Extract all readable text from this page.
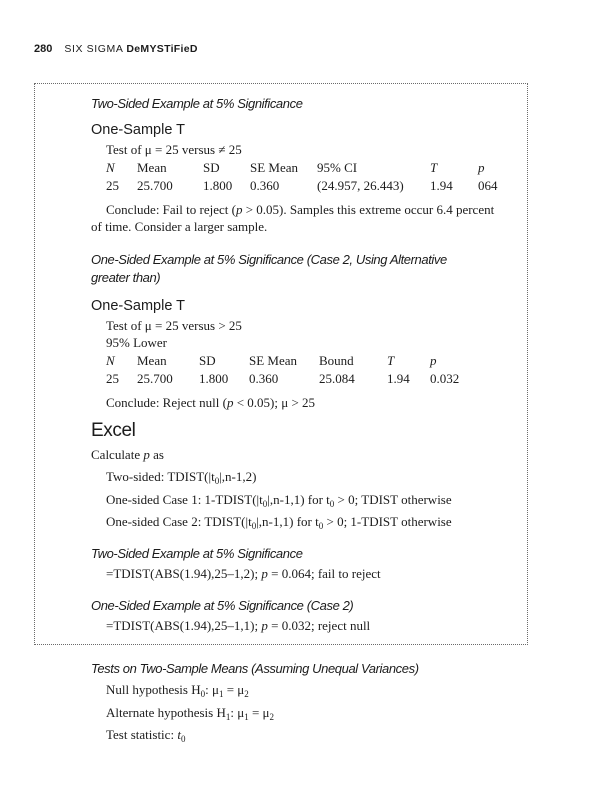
280 SIX SIGMA DeMYSTiFieD
Two-Sided Example at 5% Significance
One-Sample T
Test of μ = 25 versus ≠ 25
N Mean	SD SE Mean 95% CI	T	p
25 25.700 1.800 0.360	(24.957, 26.443) 1.94 064
Conclude: Fail to reject (p > 0.05). Samples this extreme occur 6.4 percent
of time. Consider a larger sample.
One-Sided Example at 5% Significance (Case 2, Using Alternative
greater than)
One-Sample T
Test of μ = 25 versus > 25
95% Lower
N Mean SD	SE Mean Bound	T	p
25 25.700 1.800 0.360	25.084 1.94 0.032
Conclude: Reject null (p < 0.05); μ > 25
Excel
Calculate p as
Two-sided: $TDIST(|t_0|,n-1,2)$
One-sided Case 1: $1-TDIST(|t_0|,n-1,1)$ for $t_0 > 0$; TDIST otherwise
One-sided Case 2: $TDIST(|t_0|,n-1,1)$ for $t_0 > 0$; 1-TDIST otherwise
Two-Sided Example at 5% Significance
=TDIST(ABS(1.94),25–1,2); p = 0.064; fail to reject
One-Sided Example at 5% Significance (Case 2)
=TDIST(ABS(1.94),25–1,1); p = 0.032; reject null
Tests on Two-Sample Means (Assuming Unequal Variances)
Null hypothesis $H_0$: $\mu_1 = \mu_2$
Alternate hypothesis $H_1$: $\mu_1 = \mu_2$
Test statistic: $t_0$
